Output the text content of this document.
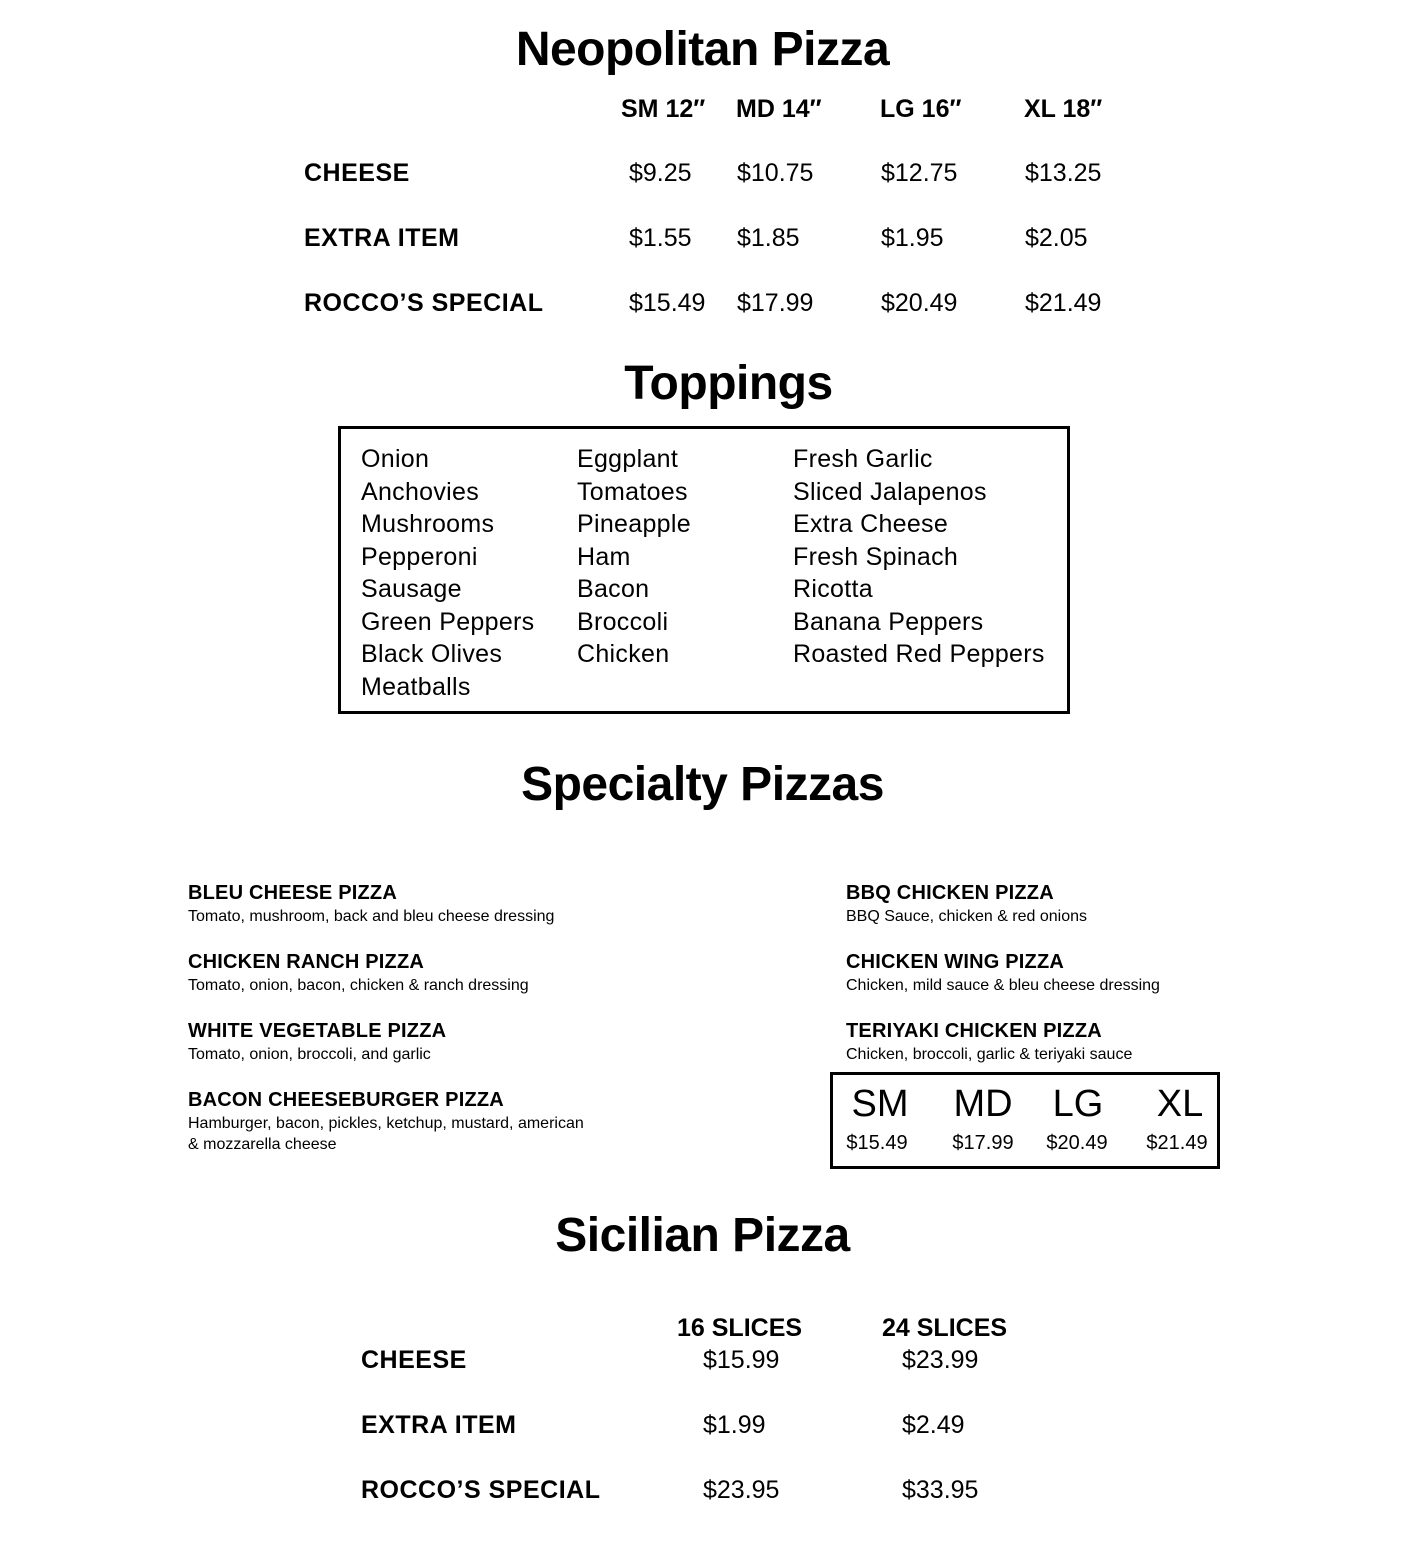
Neopolitan Pizza
SM 12″ MD 14″ LG 16″	XL 18″
CHEESE	$9.25 $10.75	$12.75	$13.25
EXTRA ITEM	$1.55 $1.85	$1.95	$2.05
ROCCO’S SPECIAL	$15.49 $17.99	$20.49	$21.49
Toppings
Onion
Anchovies
Mushrooms
Pepperoni
Sausage
Green Peppers
Black Olives
Meatballs
Eggplant
Tomatoes
Pineapple
Ham
Bacon
Broccoli
Chicken
Fresh Garlic
Sliced Jalapenos
Extra Cheese
Fresh Spinach
Ricotta
Banana Peppers
Roasted Red Peppers
Specialty Pizzas
BLEU CHEESE PIZZA
Tomato, mushroom, back and bleu cheese dressing
CHICKEN RANCH PIZZA
Tomato, onion, bacon, chicken & ranch dressing
WHITE VEGETABLE PIZZA
Tomato, onion, broccoli, and garlic
BACON CHEESEBURGER PIZZA
Hamburger, bacon, pickles, ketchup, mustard, american
& mozzarella cheese
BBQ CHICKEN PIZZA
BBQ Sauce, chicken & red onions
CHICKEN WING PIZZA
Chicken, mild sauce & bleu cheese dressing
TERIYAKI CHICKEN PIZZA
Chicken, broccoli, garlic & teriyaki sauce
SM	MD	LG	XL
$15.49	$17.99	$20.49	$21.49
Sicilian Pizza
16 SLICES	24 SLICES
CHEESE	$15.99	$23.99
EXTRA ITEM	$1.99	$2.49
ROCCO’S SPECIAL	$23.95	$33.95
